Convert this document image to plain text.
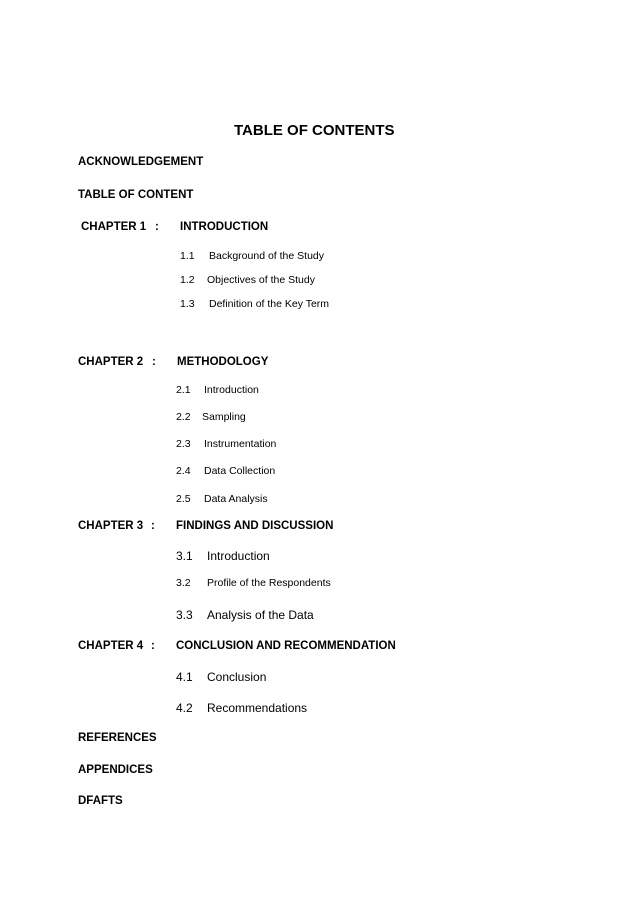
TABLE OF CONTENTS
ACKNOWLEDGEMENT
TABLE OF CONTENT
CHAPTER 1 : INTRODUCTION
1.1 Background of the Study
1.2 Objectives of the Study
1.3 Definition of the Key Term
CHAPTER 2 : METHODOLOGY
2.1 Introduction
2.2 Sampling
2.3 Instrumentation
2.4 Data Collection
2.5 Data Analysis
CHAPTER 3 : FINDINGS AND DISCUSSION
3.1 Introduction
3.2 Profile of the Respondents
3.3 Analysis of the Data
CHAPTER 4 : CONCLUSION AND RECOMMENDATION
4.1 Conclusion
4.2 Recommendations
REFERENCES
APPENDICES
DFAFTS
